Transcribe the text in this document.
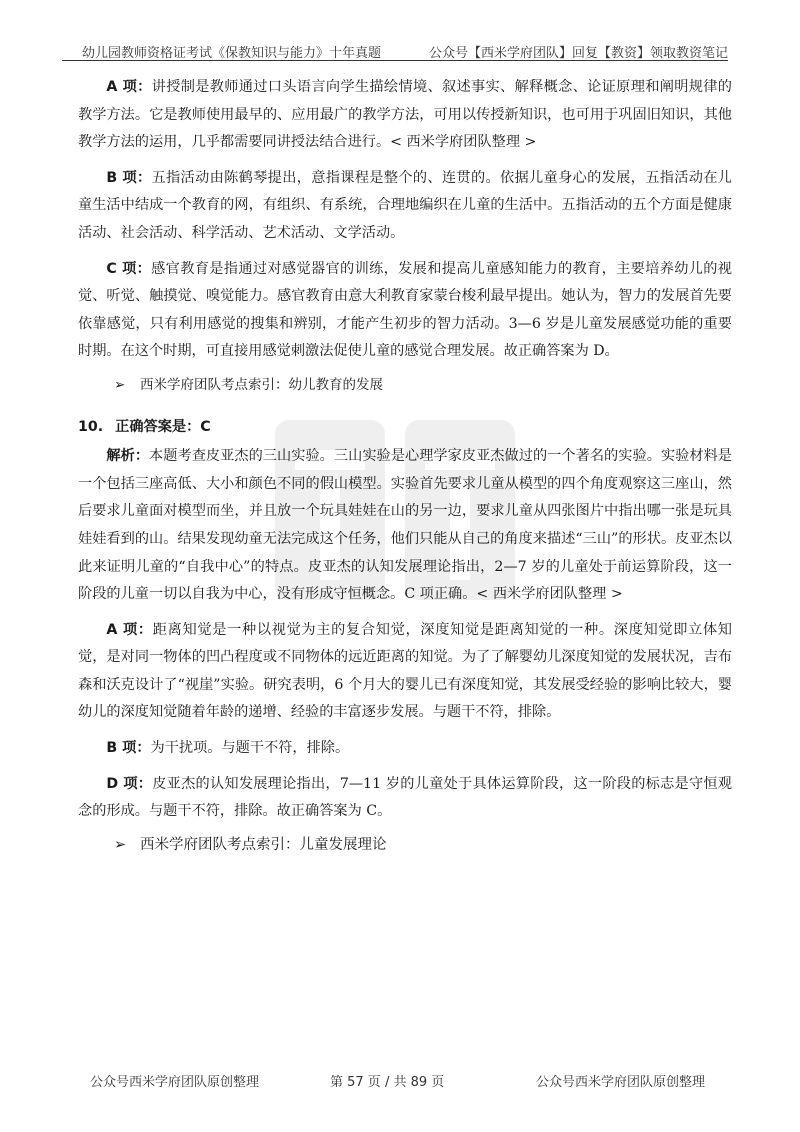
幼儿园教师资格证考试《保教知识与能力》十年真题	公众号【西米学府团队】回复【教资】领取教资笔记

A 项：讲授制是教师通过口头语言向学生描绘情境、叙述事实、解释概念、论证原理和阐明规律的教学方法。它是教师使用最早的、应用最广的教学方法，可用以传授新知识，也可用于巩固旧知识，其他教学方法的运用，几乎都需要同讲授法结合进行。< 西米学府团队整理 >

B 项：五指活动由陈鹤琴提出，意指课程是整个的、连贯的。依据儿童身心的发展，五指活动在儿童生活中结成一个教育的网，有组织、有系统，合理地编织在儿童的生活中。五指活动的五个方面是健康活动、社会活动、科学活动、艺术活动、文学活动。

C 项：感官教育是指通过对感觉器官的训练，发展和提高儿童感知能力的教育，主要培养幼儿的视觉、听觉、触摸觉、嗅觉能力。感官教育由意大利教育家蒙台梭利最早提出。她认为，智力的发展首先要依靠感觉，只有利用感觉的搜集和辨别，才能产生初步的智力活动。3—6 岁是儿童发展感觉功能的重要时期。在这个时期，可直接用感觉刺激法促使儿童的感觉合理发展。故正确答案为 D。

➢ 西米学府团队考点索引：幼儿教育的发展
10. 正确答案是：C

解析：本题考查皮亚杰的三山实验。三山实验是心理学家皮亚杰做过的一个著名的实验。实验材料是一个包括三座高低、大小和颜色不同的假山模型。实验首先要求儿童从模型的四个角度观察这三座山，然后要求儿童面对模型而坐，并且放一个玩具娃娃在山的另一边，要求儿童从四张图片中指出哪一张是玩具娃娃看到的山。结果发现幼童无法完成这个任务，他们只能从自己的角度来描述“三山”的形状。皮亚杰以此来证明儿童的“自我中心”的特点。皮亚杰的认知发展理论指出，2—7 岁的儿童处于前运算阶段，这一阶段的儿童一切以自我为中心，没有形成守恒概念。C 项正确。< 西米学府团队整理 >

A 项：距离知觉是一种以视觉为主的复合知觉，深度知觉是距离知觉的一种。深度知觉即立体知觉，是对同一物体的凹凸程度或不同物体的远近距离的知觉。为了了解婴幼儿深度知觉的发展状况，吉布森和沃克设计了“视崖”实验。研究表明，6 个月大的婴儿已有深度知觉，其发展受经验的影响比较大，婴幼儿的深度知觉随着年龄的递增、经验的丰富逐步发展。与题干不符，排除。

B 项：为干扰项。与题干不符，排除。

D 项：皮亚杰的认知发展理论指出，7—11 岁的儿童处于具体运算阶段，这一阶段的标志是守恒观念的形成。与题干不符，排除。故正确答案为 C。

➢ 西米学府团队考点索引：儿童发展理论
公众号西米学府团队原创整理	第 57 页 / 共 89 页	公众号西米学府团队原创整理
